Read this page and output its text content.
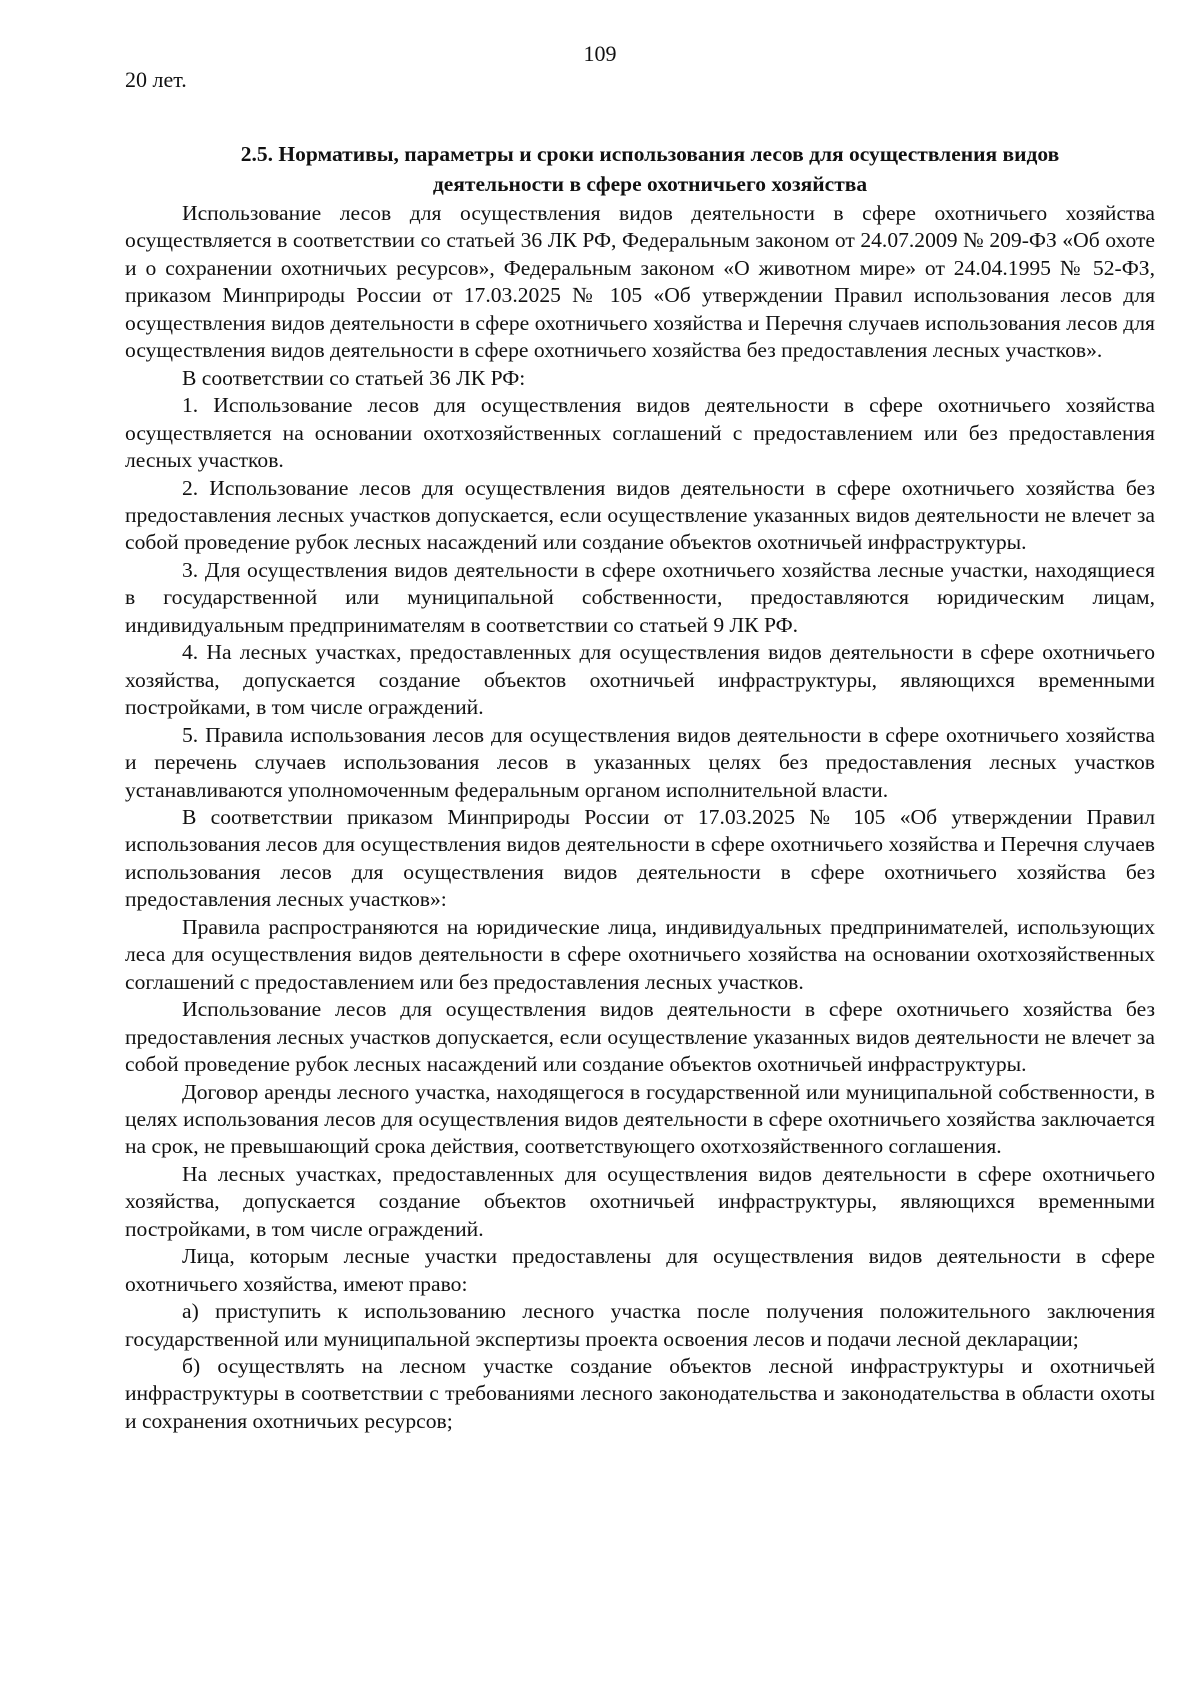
109
20 лет.
2.5. Нормативы, параметры и сроки использования лесов для осуществления видов
деятельности в сфере охотничьего хозяйства

Использование лесов для осуществления видов деятельности в сфере охотничьего хозяйства осуществляется в соответствии со статьей 36 ЛК РФ, Федеральным законом от 24.07.2009 № 209-ФЗ «Об охоте и о сохранении охотничьих ресурсов», Федеральным законом «О животном мире» от 24.04.1995 № 52-ФЗ, приказом Минприроды России от 17.03.2025 № 105 «Об утверждении Правил использования лесов для осуществления видов деятельности в сфере охотничьего хозяйства и Перечня случаев использования лесов для осуществления видов деятельности в сфере охотничьего хозяйства без предоставления лесных участков».

В соответствии со статьей 36 ЛК РФ:

1. Использование лесов для осуществления видов деятельности в сфере охотничьего хозяйства осуществляется на основании охотхозяйственных соглашений с предоставлением или без предоставления лесных участков.

2. Использование лесов для осуществления видов деятельности в сфере охотничьего хозяйства без предоставления лесных участков допускается, если осуществление указанных видов деятельности не влечет за собой проведение рубок лесных насаждений или создание объектов охотничьей инфраструктуры.

3. Для осуществления видов деятельности в сфере охотничьего хозяйства лесные участки, находящиеся в государственной или муниципальной собственности, предоставляются юридическим лицам, индивидуальным предпринимателям в соответствии со статьей 9 ЛК РФ.

4. На лесных участках, предоставленных для осуществления видов деятельности в сфере охотничьего хозяйства, допускается создание объектов охотничьей инфраструктуры, являющихся временными постройками, в том числе ограждений.

5. Правила использования лесов для осуществления видов деятельности в сфере охотничьего хозяйства и перечень случаев использования лесов в указанных целях без предоставления лесных участков устанавливаются уполномоченным федеральным органом исполнительной власти.

В соответствии приказом Минприроды России от 17.03.2025 № 105 «Об утверждении Правил использования лесов для осуществления видов деятельности в сфере охотничьего хозяйства и Перечня случаев использования лесов для осуществления видов деятельности в сфере охотничьего хозяйства без предоставления лесных участков»:

Правила распространяются на юридические лица, индивидуальных предпринимателей, использующих леса для осуществления видов деятельности в сфере охотничьего хозяйства на основании охотхозяйственных соглашений с предоставлением или без предоставления лесных участков.

Использование лесов для осуществления видов деятельности в сфере охотничьего хозяйства без предоставления лесных участков допускается, если осуществление указанных видов деятельности не влечет за собой проведение рубок лесных насаждений или создание объектов охотничьей инфраструктуры.

Договор аренды лесного участка, находящегося в государственной или муниципальной собственности, в целях использования лесов для осуществления видов деятельности в сфере охотничьего хозяйства заключается на срок, не превышающий срока действия, соответствующего охотхозяйственного соглашения.

На лесных участках, предоставленных для осуществления видов деятельности в сфере охотничьего хозяйства, допускается создание объектов охотничьей инфраструктуры, являющихся временными постройками, в том числе ограждений.

Лица, которым лесные участки предоставлены для осуществления видов деятельности в сфере охотничьего хозяйства, имеют право:

а) приступить к использованию лесного участка после получения положительного заключения государственной или муниципальной экспертизы проекта освоения лесов и подачи лесной декларации;

б) осуществлять на лесном участке создание объектов лесной инфраструктуры и охотничьей инфраструктуры в соответствии с требованиями лесного законодательства и законодательства в области охоты и сохранения охотничьих ресурсов;
